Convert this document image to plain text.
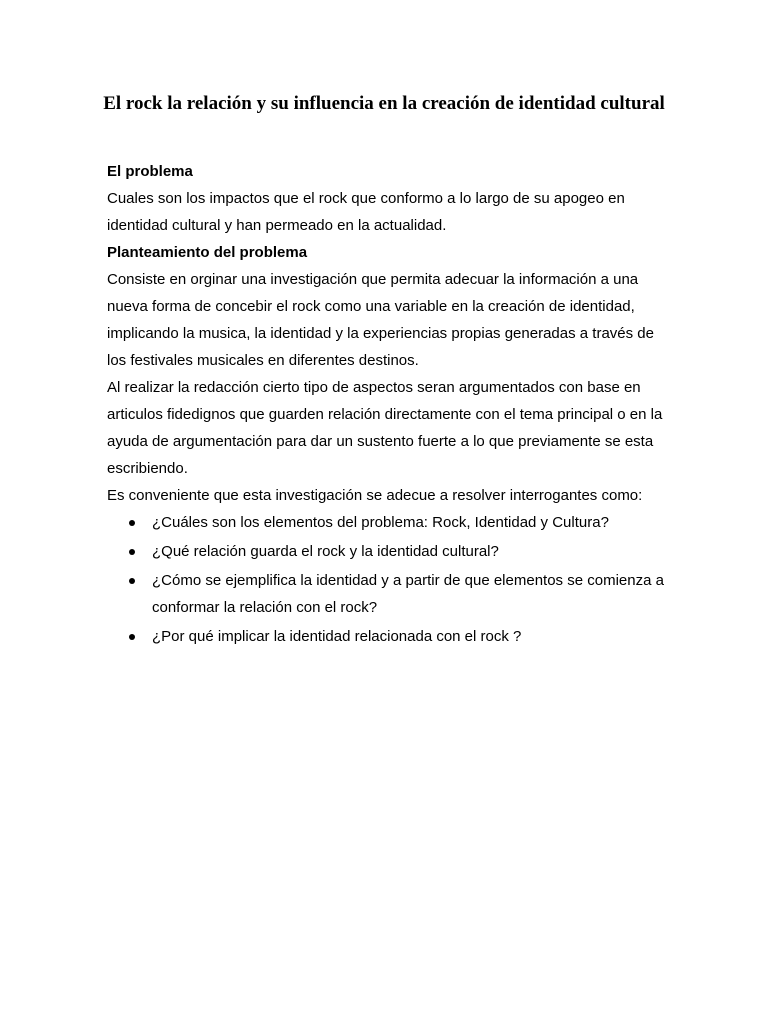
El rock la relación y su influencia en la creación de identidad cultural

El problema

Cuales son los impactos que el rock que conformo a lo largo de su apogeo en identidad cultural y han permeado en la actualidad.

Planteamiento del problema

Consiste en orginar una investigación que permita adecuar la información a una nueva forma de concebir el rock como una variable en la creación de identidad, implicando la musica, la identidad y la experiencias propias generadas a través de los festivales musicales en diferentes destinos.

Al realizar la redacción cierto tipo de aspectos seran argumentados con base en articulos fidedignos que guarden relación directamente con el tema principal o en la ayuda de argumentación para dar un sustento fuerte a lo que previamente se esta escribiendo.

Es conveniente que esta investigación se adecue a resolver interrogantes como:

¿Cuáles son los elementos del problema: Rock, Identidad y Cultura?
¿Qué relación guarda el rock y la identidad cultural?
¿Cómo se ejemplifica la identidad y a partir de que elementos se comienza a conformar la relación con el rock?
¿Por qué implicar la identidad relacionada con el rock ?
